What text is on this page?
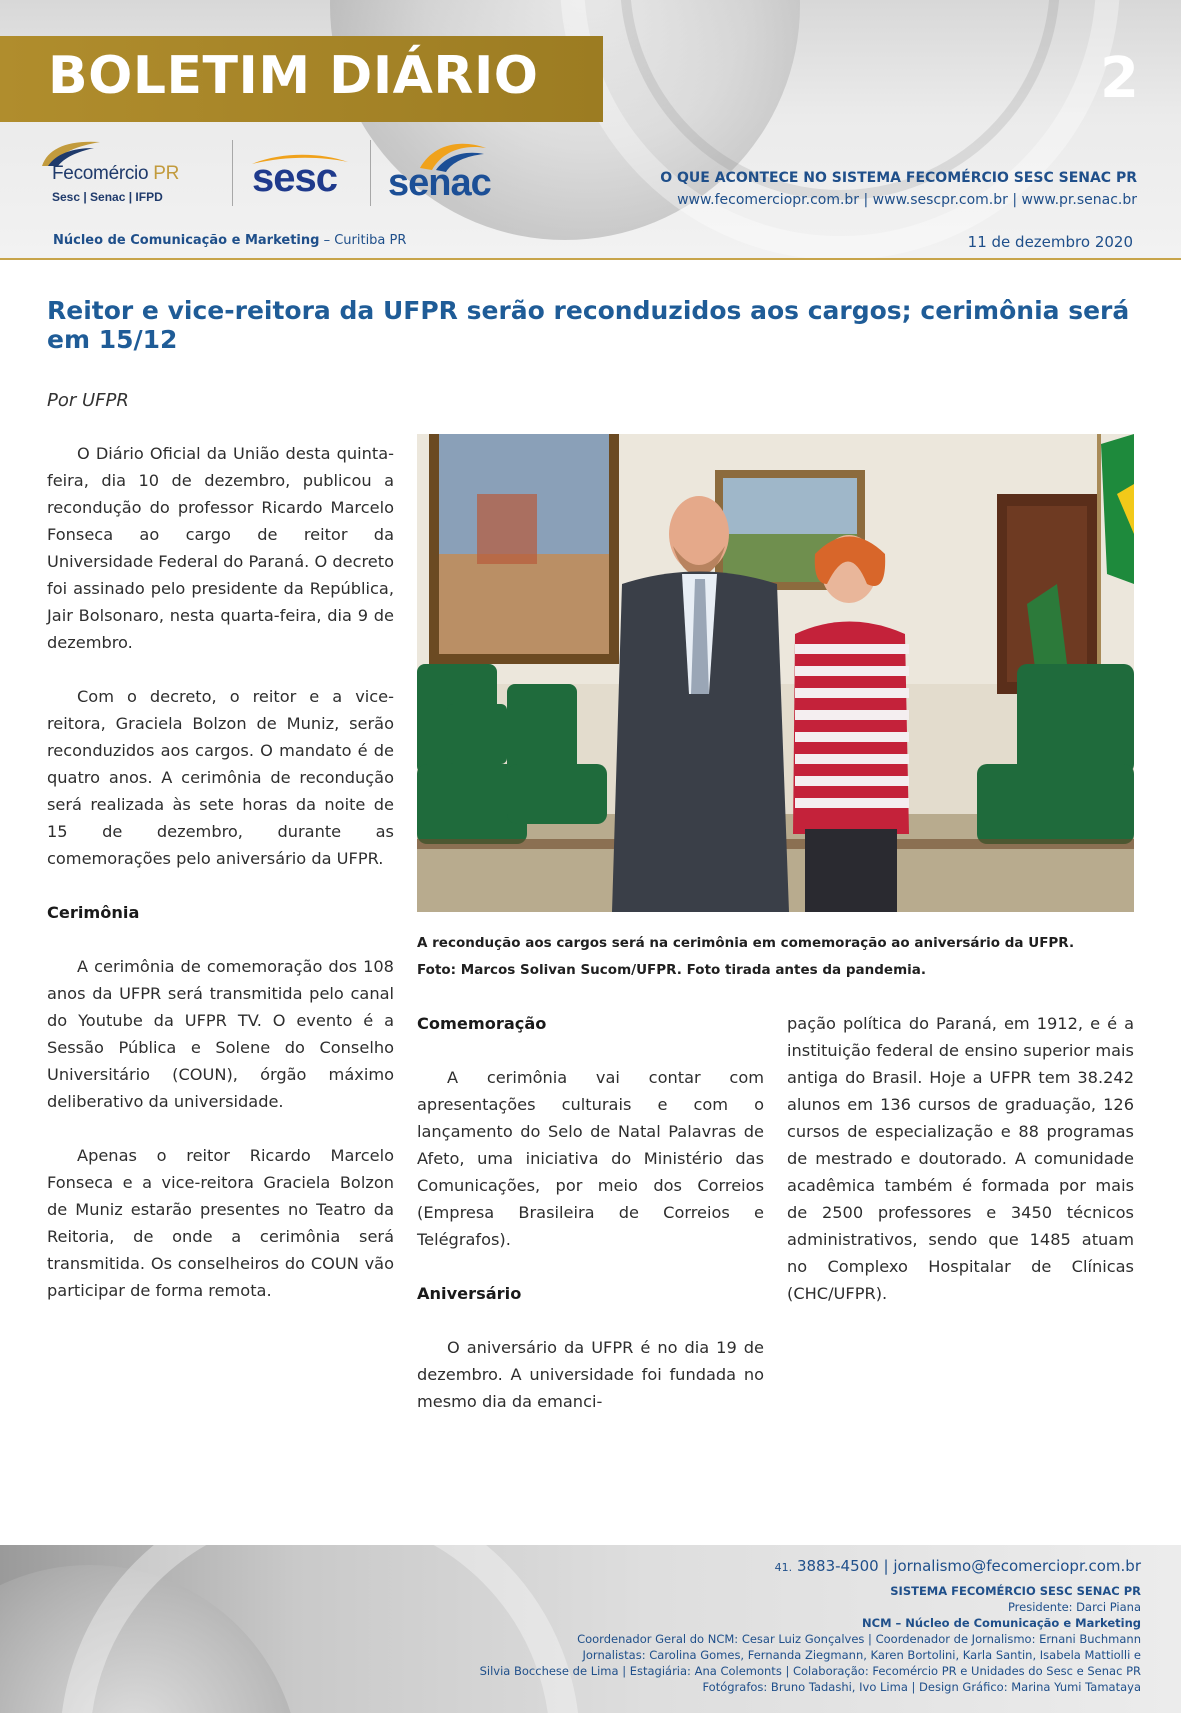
BOLETIM DIÁRIO	2
Fecomércio PR
Sesc | Senac | IFPD sesc senac	O QUE ACONTECE NO SISTEMA FECOMÉRCIO SESC SENAC PR
www.fecomerciopr.com.br | www.sescpr.com.br | www.pr.senac.br
Núcleo de Comunicação e Marketing – Curitiba PR	11 de dezembro 2020
Reitor e vice-reitora da UFPR serão reconduzidos aos cargos; cerimônia será em 15/12
Por UFPR

O Diário Oficial da União desta quinta-feira, dia 10 de dezembro, publicou a recondução do professor Ricardo Marcelo Fonseca ao cargo de reitor da Universidade Federal do Paraná. O decreto foi assinado pelo presidente da República, Jair Bolsonaro, nesta quarta-feira, dia 9 de dezembro.

Com o decreto, o reitor e a vice-reitora, Graciela Bolzon de Muniz, serão reconduzidos aos cargos. O mandato é de quatro anos. A cerimônia de recondução será realizada às sete horas da noite de 15 de dezembro, durante as comemorações pelo aniversário da UFPR.

Cerimônia

A cerimônia de comemoração dos 108 anos da UFPR será transmitida pelo canal do Youtube da UFPR TV. O evento é a Sessão Pública e Solene do Conselho Universitário (COUN), órgão máximo deliberativo da universidade.

Apenas o reitor Ricardo Marcelo Fonseca e a vice-reitora Graciela Bolzon de Muniz estarão presentes no Teatro da Reitoria, de onde a cerimônia será transmitida. Os conselheiros do COUN vão participar de forma remota.

A recondução aos cargos será na cerimônia em comemoração ao aniversário da UFPR. Foto: Marcos Solivan Sucom/UFPR. Foto tirada antes da pandemia.
Comemoração

A cerimônia vai contar com apresentações culturais e com o lançamento do Selo de Natal Palavras de Afeto, uma iniciativa do Ministério das Comunicações, por meio dos Correios (Empresa Brasileira de Correios e Telégrafos).

Aniversário

O aniversário da UFPR é no dia 19 de dezembro. A universidade foi fundada no mesmo dia da emanci-

pação política do Paraná, em 1912, e é a instituição federal de ensino superior mais antiga do Brasil. Hoje a UFPR tem 38.242 alunos em 136 cursos de graduação, 126 cursos de especialização e 88 programas de mestrado e doutorado. A comunidade acadêmica também é formada por mais de 2500 professores e 3450 técnicos administrativos, sendo que 1485 atuam no Complexo Hospitalar de Clínicas (CHC/UFPR).

41. 3883-4500 | jornalismo@fecomerciopr.com.br
SISTEMA FECOMÉRCIO SESC SENAC PR
Presidente: Darci Piana
NCM – Núcleo de Comunicação e Marketing
Coordenador Geral do NCM: Cesar Luiz Gonçalves | Coordenador de Jornalismo: Ernani Buchmann
Jornalistas: Carolina Gomes, Fernanda Ziegmann, Karen Bortolini, Karla Santin, Isabela Mattiolli e
Silvia Bocchese de Lima | Estagiária: Ana Colemonts | Colaboração: Fecomércio PR e Unidades do Sesc e Senac PR
Fotógrafos: Bruno Tadashi, Ivo Lima | Design Gráfico: Marina Yumi Tamataya
